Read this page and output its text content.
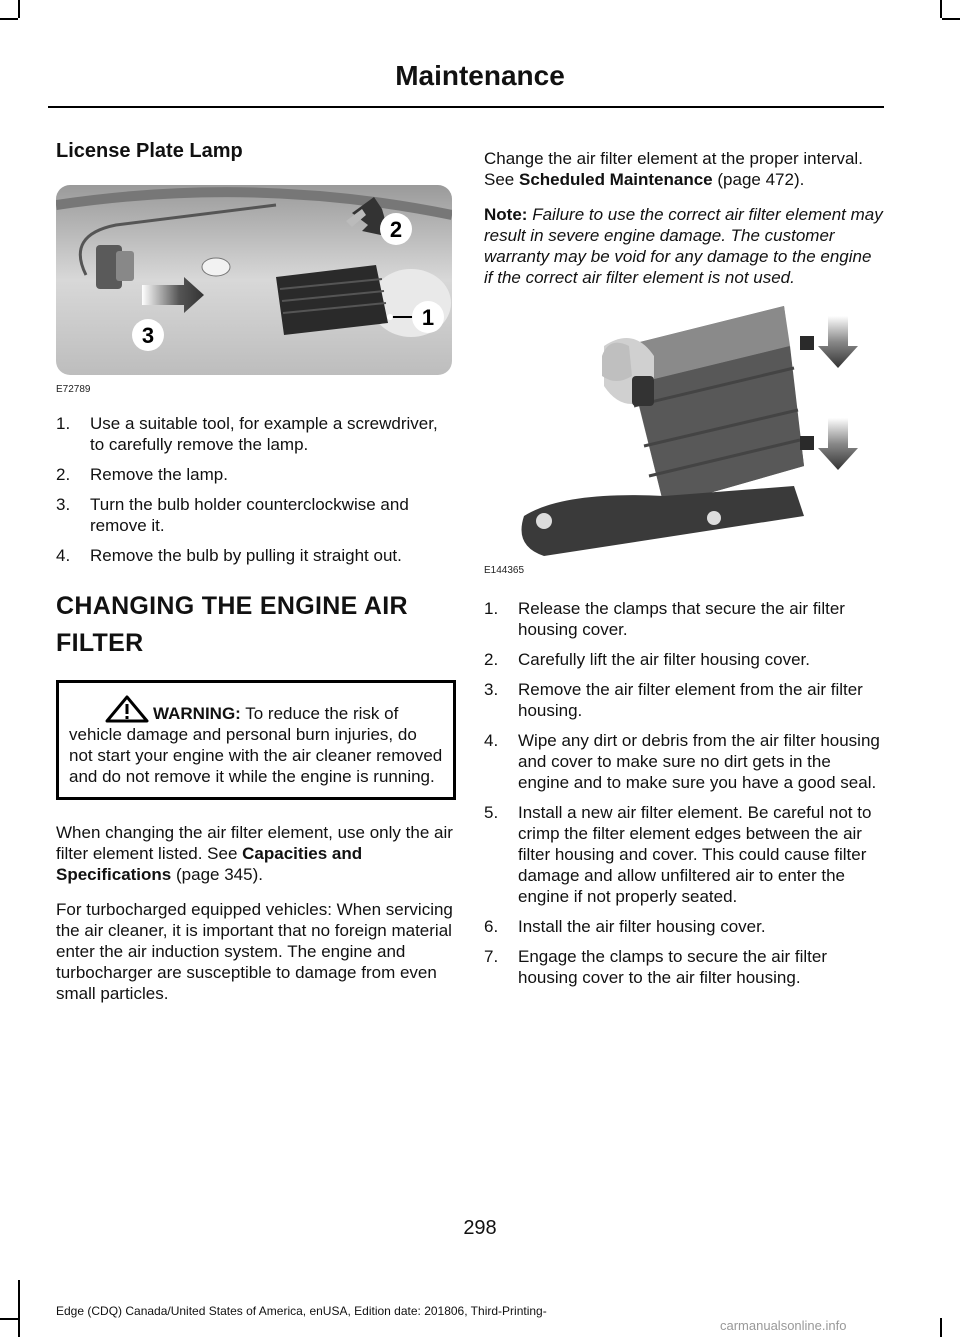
Maintenance
License Plate Lamp
2
1
3
E72789
1. Use a suitable tool, for example a screwdriver, to carefully remove the lamp.
2. Remove the lamp.
3. Turn the bulb holder counterclockwise and remove it.
4. Remove the bulb by pulling it straight out.
CHANGING THE ENGINE AIR
FILTER

WARNING: To reduce the risk of vehicle damage and personal burn injuries, do not start your engine with the air cleaner removed and do not remove it while the engine is running.

When changing the air filter element, use only the air filter element listed. See Capacities and Specifications (page 345).

For turbocharged equipped vehicles: When servicing the air cleaner, it is important that no foreign material enter the air induction system. The engine and turbocharger are susceptible to damage from even small particles.

Change the air filter element at the proper interval. See Scheduled Maintenance (page 472).

Note: Failure to use the correct air filter element may result in severe engine damage. The customer warranty may be void for any damage to the engine if the correct air filter element is not used.

E144365
1. Release the clamps that secure the air filter housing cover.
2. Carefully lift the air filter housing cover.
3. Remove the air filter element from the air filter housing.
4. Wipe any dirt or debris from the air filter housing and cover to make sure no dirt gets in the engine and to make sure you have a good seal.
5. Install a new air filter element. Be careful not to crimp the filter element edges between the air filter housing and cover. This could cause filter damage and allow unfiltered air to enter the engine if not properly seated.
6. Install the air filter housing cover.
7. Engage the clamps to secure the air filter housing cover to the air filter housing.
298
Edge (CDQ) Canada/United States of America, enUSA, Edition date: 201806, Third-Printing-
carmanualsonline.info
